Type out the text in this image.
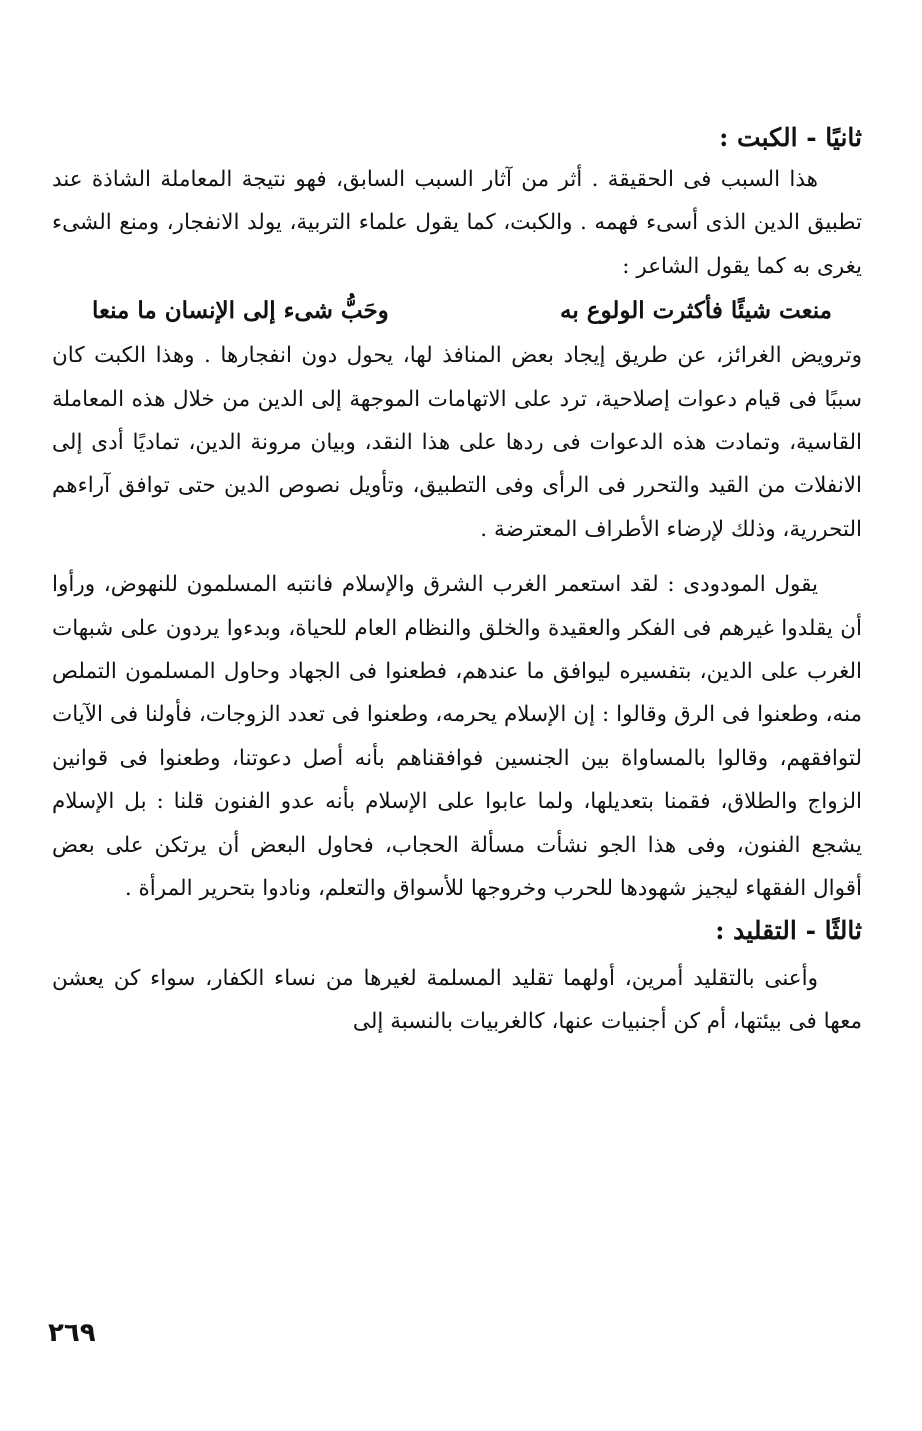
ثانيًا - الكبت :

هذا السبب فى الحقيقة . أثر من آثار السبب السابق، فهو نتيجة المعاملة الشاذة عند تطبيق الدين الذى أسىء فهمه . والكبت، كما يقول علماء التربية، يولد الانفجار، ومنع الشىء يغرى به كما يقول الشاعر :

منعت شيئًا فأكثرت الولوع به
وحَبُّ شىء إلى الإنسان ما منعا

وترويض الغرائز، عن طريق إيجاد بعض المنافذ لها، يحول دون انفجارها . وهذا الكبت كان سببًا فى قيام دعوات إصلاحية، ترد على الاتهامات الموجهة إلى الدين من خلال هذه المعاملة القاسية، وتمادت هذه الدعوات فى ردها على هذا النقد، وبيان مرونة الدين، تماديًا أدى إلى الانفلات من القيد والتحرر فى الرأى وفى التطبيق، وتأويل نصوص الدين حتى توافق آراءهم التحررية، وذلك لإرضاء الأطراف المعترضة .

يقول المودودى : لقد استعمر الغرب الشرق والإسلام فانتبه المسلمون للنهوض، ورأوا أن يقلدوا غيرهم فى الفكر والعقيدة والخلق والنظام العام للحياة، وبدءوا يردون على شبهات الغرب على الدين، بتفسيره ليوافق ما عندهم، فطعنوا فى الجهاد وحاول المسلمون التملص منه، وطعنوا فى الرق وقالوا : إن الإسلام يحرمه، وطعنوا فى تعدد الزوجات، فأولنا فى الآيات لتوافقهم، وقالوا بالمساواة بين الجنسين فوافقناهم بأنه أصل دعوتنا، وطعنوا فى قوانين الزواج والطلاق، فقمنا بتعديلها، ولما عابوا على الإسلام بأنه عدو الفنون قلنا : بل الإسلام يشجع الفنون، وفى هذا الجو نشأت مسألة الحجاب، فحاول البعض أن يرتكن على بعض أقوال الفقهاء ليجيز شهودها للحرب وخروجها للأسواق والتعلم، ونادوا بتحرير المرأة .

ثالثًا - التقليد :

وأعنى بالتقليد أمرين، أولهما تقليد المسلمة لغيرها من نساء الكفار، سواء كن يعشن معها فى بيئتها، أم كن أجنبيات عنها، كالغربيات بالنسبة إلى

٢٦٩
